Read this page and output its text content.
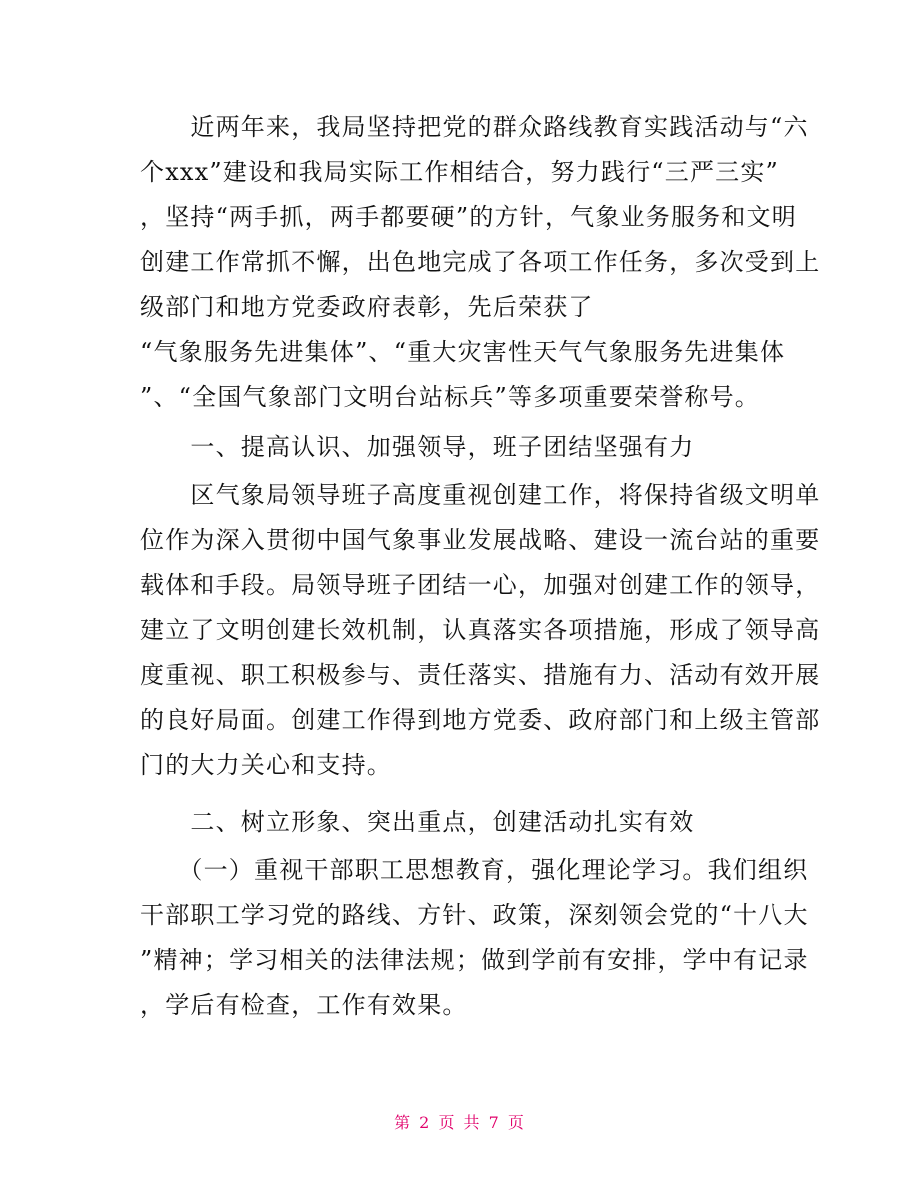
　　近两年来，我局坚持把党的群众路线教育实践活动与“六
个xxx”建设和我局实际工作相结合，努力践行“三严三实”
，坚持“两手抓，两手都要硬”的方针，气象业务服务和文明
创建工作常抓不懈，出色地完成了各项工作任务，多次受到上
级部门和地方党委政府表彰，先后荣获了
“气象服务先进集体”、“重大灾害性天气气象服务先进集体
”、“全国气象部门文明台站标兵”等多项重要荣誉称号。
　　一、提高认识、加强领导，班子团结坚强有力
　　区气象局领导班子高度重视创建工作，将保持省级文明单
位作为深入贯彻中国气象事业发展战略、建设一流台站的重要
载体和手段。局领导班子团结一心，加强对创建工作的领导，
建立了文明创建长效机制，认真落实各项措施，形成了领导高
度重视、职工积极参与、责任落实、措施有力、活动有效开展
的良好局面。创建工作得到地方党委、政府部门和上级主管部
门的大力关心和支持。
　　二、树立形象、突出重点，创建活动扎实有效
　　（一）重视干部职工思想教育，强化理论学习。我们组织
干部职工学习党的路线、方针、政策，深刻领会党的“十八大
”精神；学习相关的法律法规；做到学前有安排，学中有记录
，学后有检查，工作有效果。
第 2 页 共 7 页
